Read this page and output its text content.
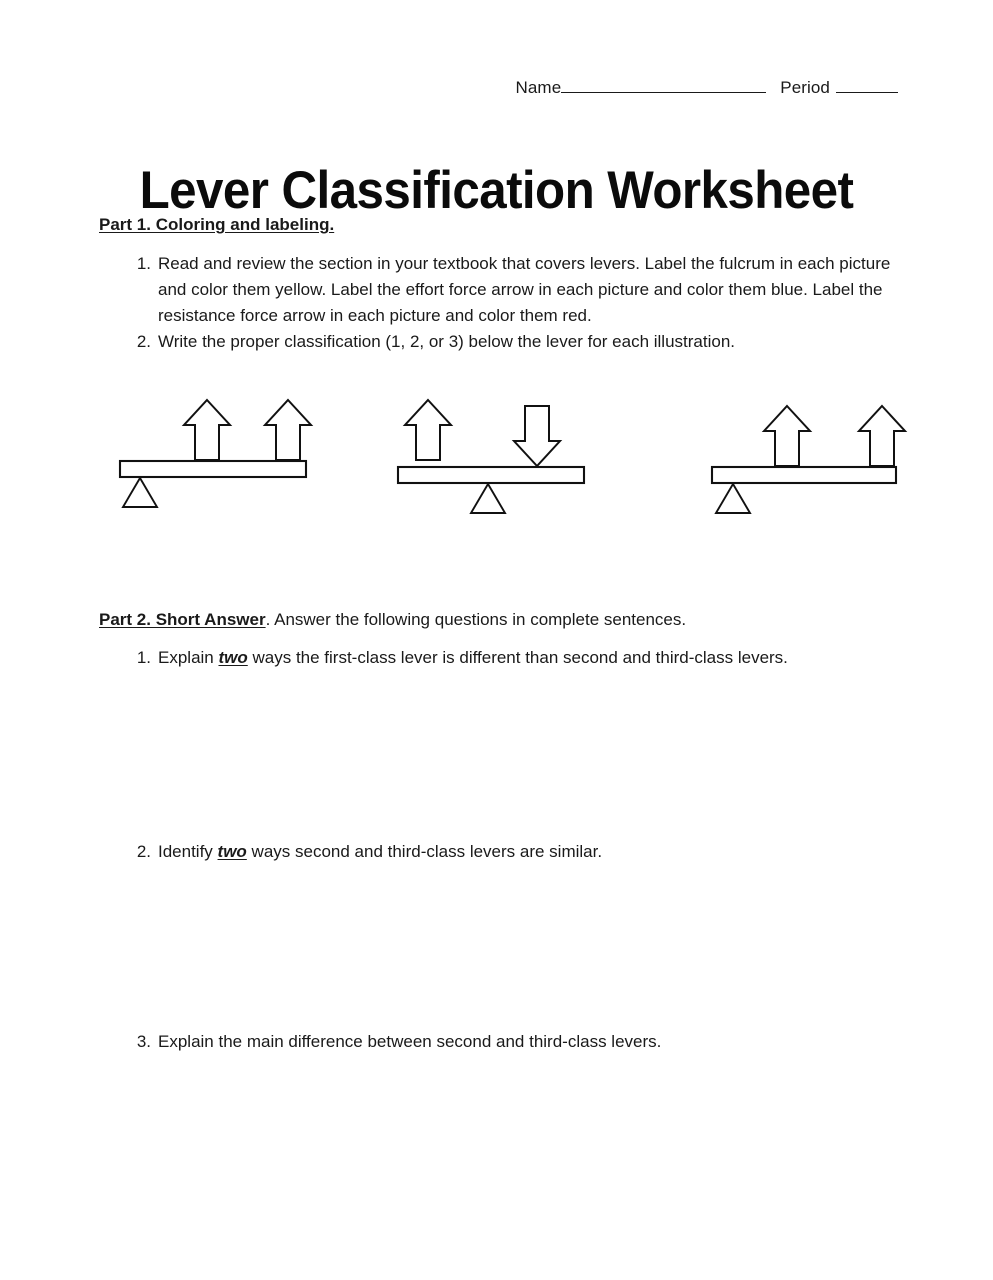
Name	Period
Lever Classification Worksheet
Part 1. Coloring and labeling.
1. Read and review the section in your textbook that covers levers. Label the fulcrum in each picture and color them yellow. Label the effort force arrow in each picture and color them blue. Label the resistance force arrow in each picture and color them red.
2. Write the proper classification (1, 2, or 3) below the lever for each illustration.
Part 2. Short Answer. Answer the following questions in complete sentences.
1. Explain two ways the first-class lever is different than second and third-class levers.
2. Identify two ways second and third-class levers are similar.
3. Explain the main difference between second and third-class levers.
